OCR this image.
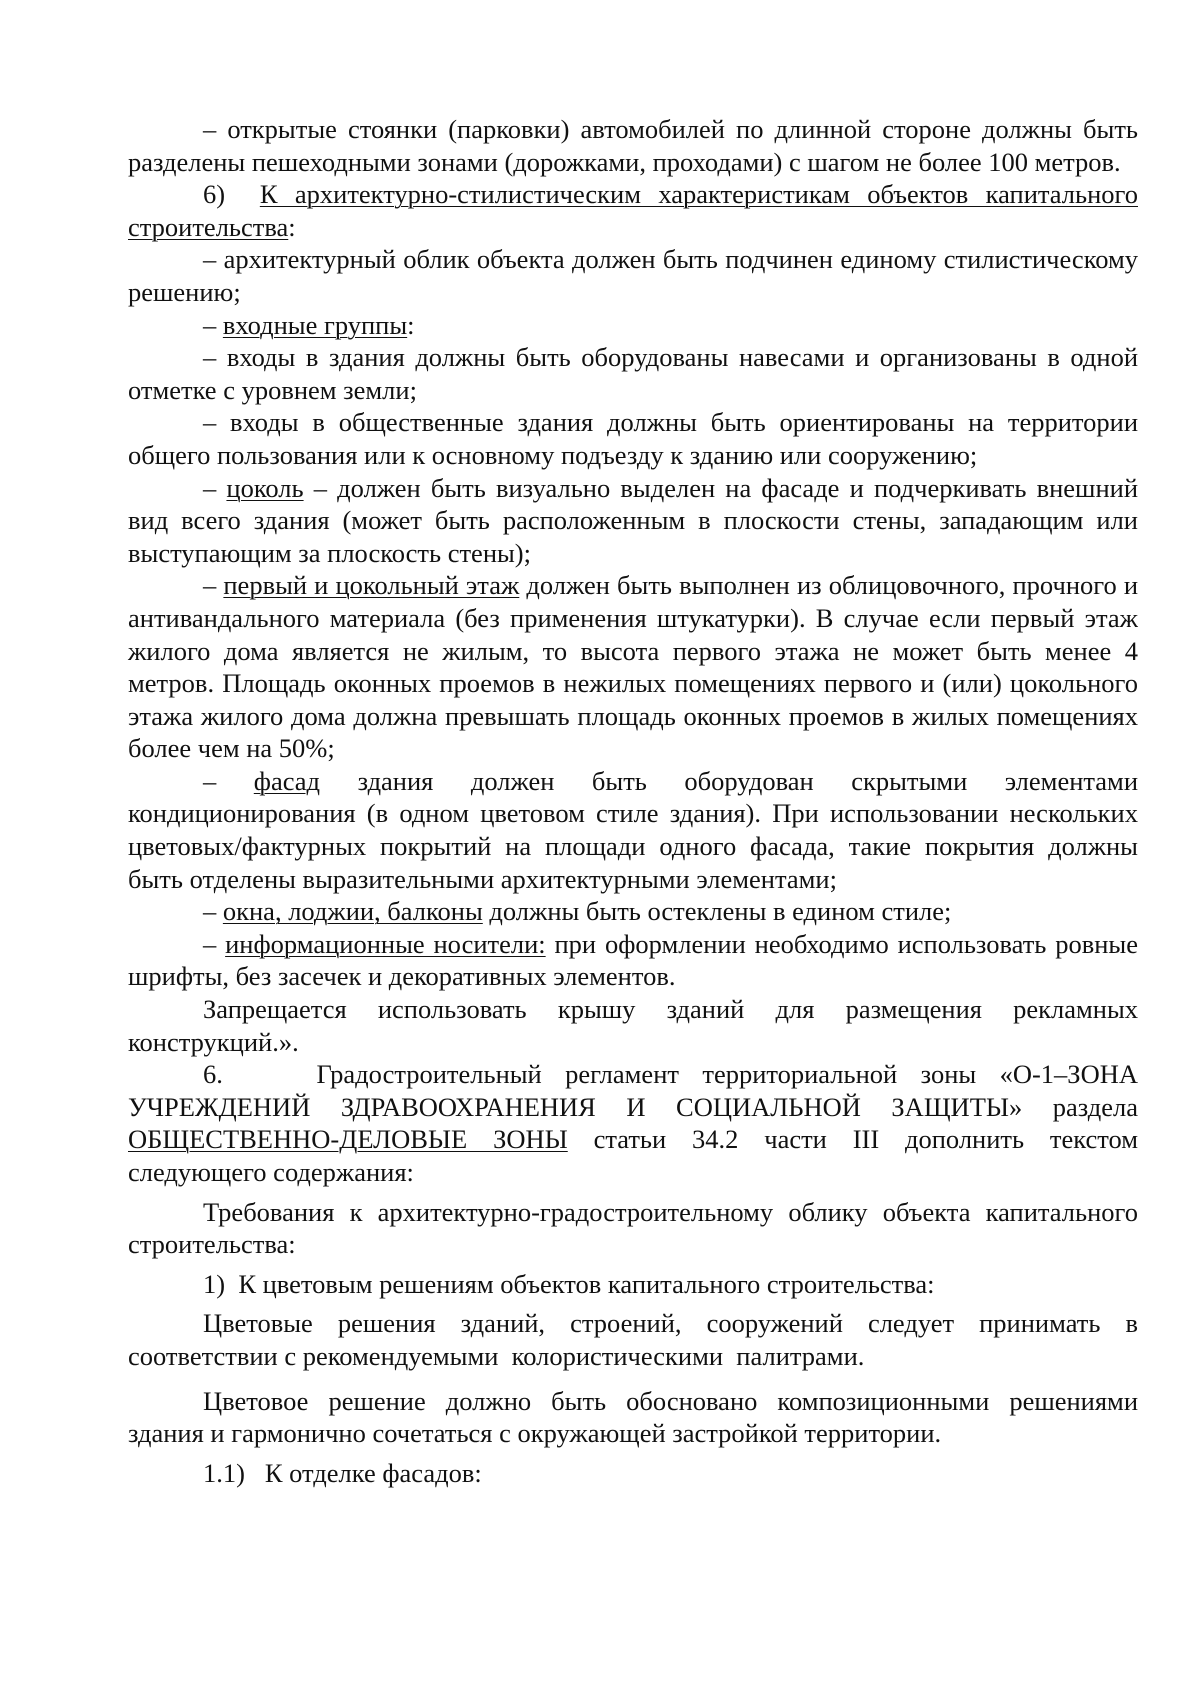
– открытые стоянки (парковки) автомобилей по длинной стороне должны быть разделены пешеходными зонами (дорожками, проходами) с шагом не более 100 метров.

6)  К архитектурно-стилистическим характеристикам объектов капитального строительства:

– архитектурный облик объекта должен быть подчинен единому стилистическому решению;

– входные группы:

– входы в здания должны быть оборудованы навесами и организованы в одной отметке с уровнем земли;

– входы в общественные здания должны быть ориентированы на территории общего пользования или к основному подъезду к зданию или сооружению;

– цоколь – должен быть визуально выделен на фасаде и подчеркивать внешний вид всего здания (может быть расположенным в плоскости стены, западающим или выступающим за плоскость стены);

– первый и цокольный этаж должен быть выполнен из облицовочного, прочного и антивандального материала (без применения штукатурки). В случае если первый этаж жилого дома является не жилым, то высота первого этажа не может быть менее 4 метров. Площадь оконных проемов в нежилых помещениях первого и (или) цокольного этажа жилого дома должна превышать площадь оконных проемов в жилых помещениях более чем на 50%;

– фасад здания должен быть оборудован скрытыми элементами кондиционирования (в одном цветовом стиле здания). При использовании нескольких цветовых/фактурных покрытий на площади одного фасада, такие покрытия должны быть отделены выразительными архитектурными элементами;

– окна, лоджии, балконы должны быть остеклены в едином стиле;

– информационные носители: при оформлении необходимо использовать ровные шрифты, без засечек и декоративных элементов.

Запрещается использовать крышу зданий для размещения рекламных конструкций.».

6.    Градостроительный регламент территориальной зоны «О-1–ЗОНА УЧРЕЖДЕНИЙ ЗДРАВООХРАНЕНИЯ И СОЦИАЛЬНОЙ ЗАЩИТЫ» раздела ОБЩЕСТВЕННО-ДЕЛОВЫЕ ЗОНЫ статьи 34.2 части III дополнить текстом следующего содержания:

Требования к архитектурно-градостроительному облику объекта капитального строительства:

1)  К цветовым решениям объектов капитального строительства:

Цветовые решения зданий, строений, сооружений следует принимать в соответствии с рекомендуемыми  колористическими  палитрами.

Цветовое решение должно быть обосновано композиционными решениями здания и гармонично сочетаться с окружающей застройкой территории.

1.1)   К отделке фасадов:
